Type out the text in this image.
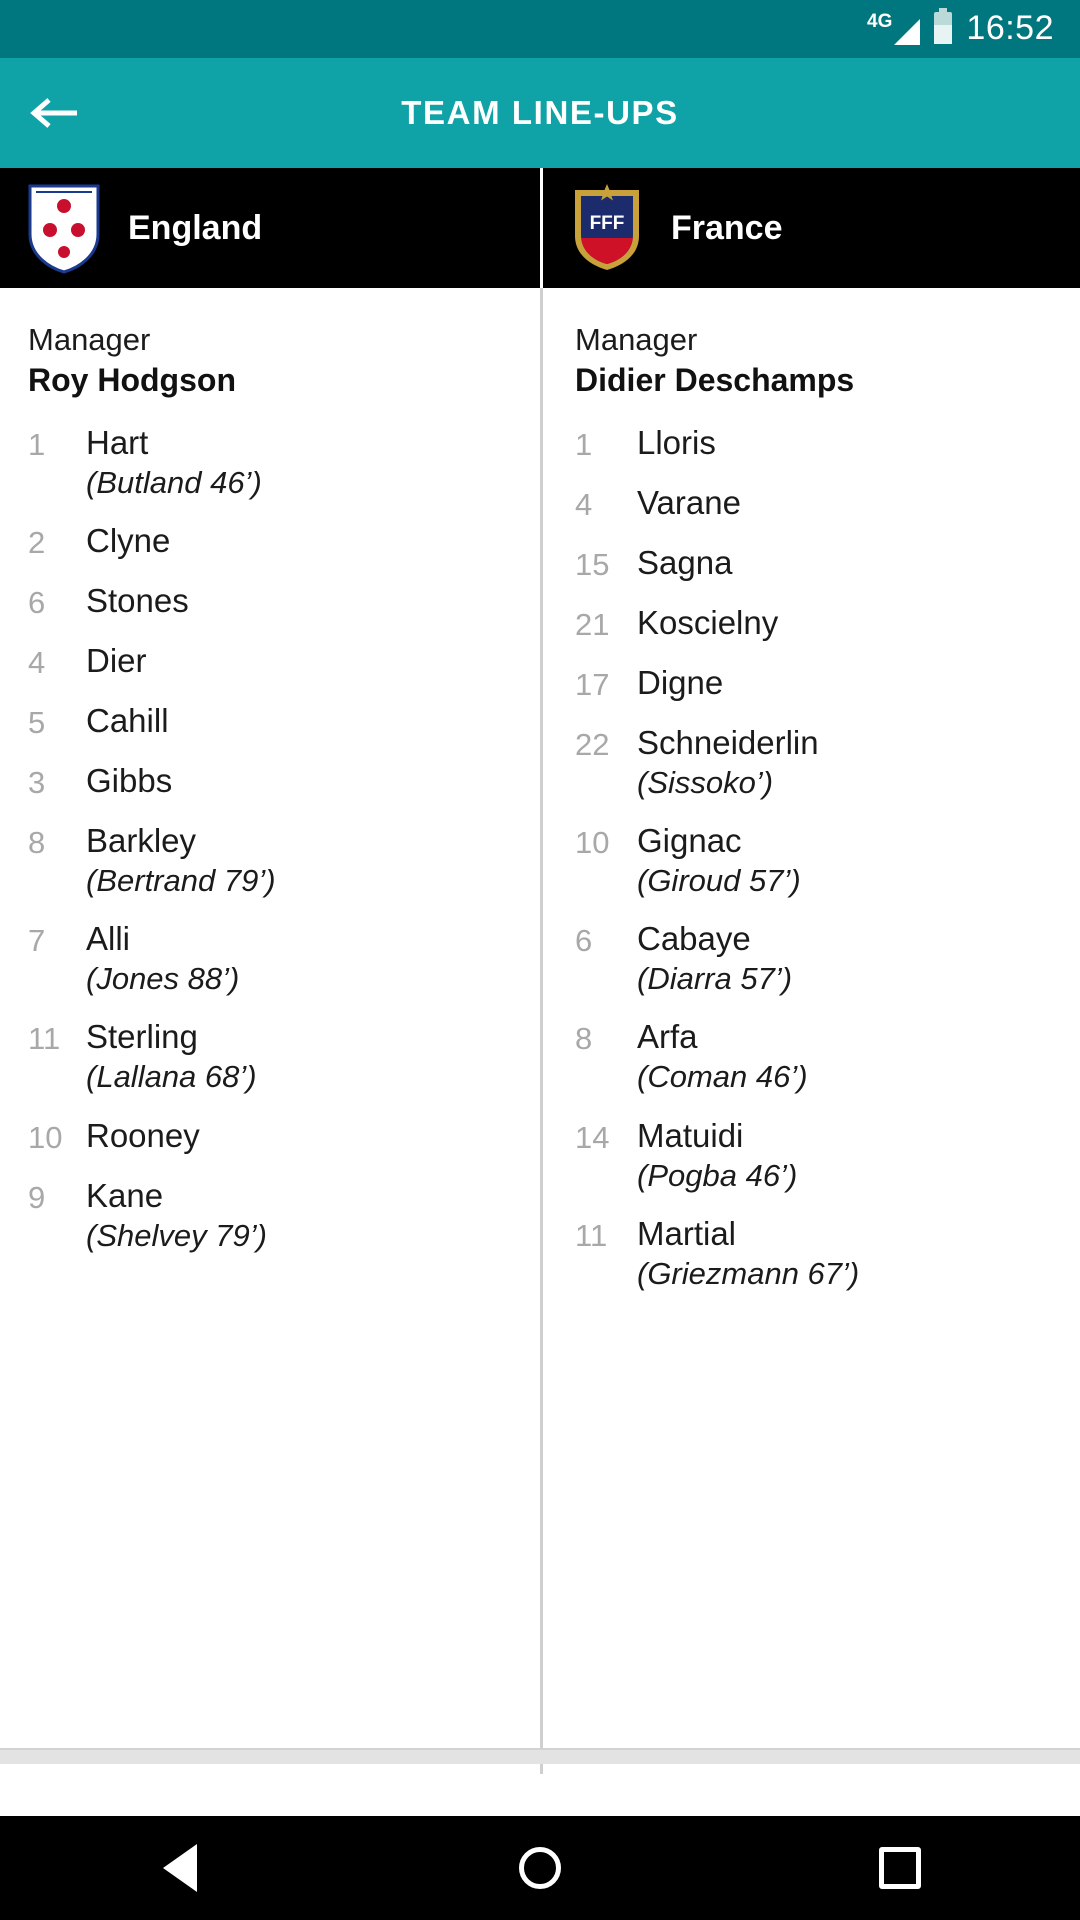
4G 16:52
TEAM LINE-UPS
England	FFF France
Manager
Roy Hodgson
1	Hart
(Butland 46’)
2	Clyne
6	Stones
4	Dier
5	Cahill
3	Gibbs
8	Barkley
(Bertrand 79’)
7	Alli
(Jones 88’)
11 Sterling
(Lallana 68’)
10 Rooney
9	Kane
(Shelvey 79’)
Manager
Didier Deschamps
1	Lloris
4	Varane
15 Sagna
21 Koscielny
17 Digne
22 Schneiderlin
(Sissoko’)
10 Gignac
(Giroud 57’)
6	Cabaye
(Diarra 57’)
8	Arfa
(Coman 46’)
14 Matuidi
(Pogba 46’)
11 Martial
(Griezmann 67’)
